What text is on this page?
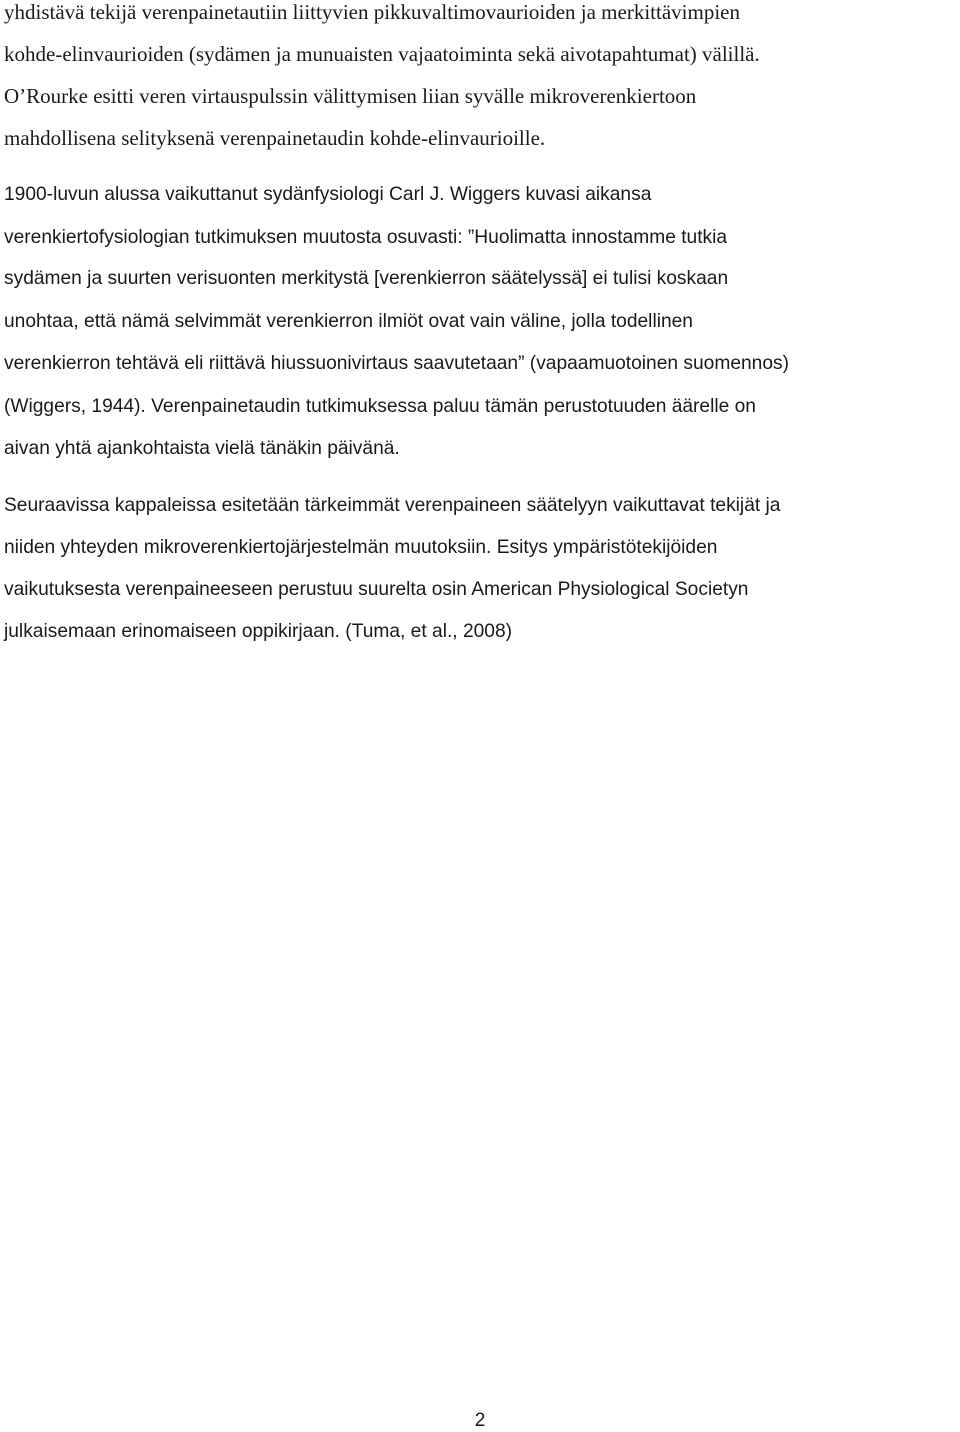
yhdistävä tekijä verenpainetautiin liittyvien pikkuvaltimovaurioiden ja merkittävimpien
kohde-elinvaurioiden (sydämen ja munuaisten vajaatoiminta sekä aivotapahtumat) välillä.
O’Rourke esitti veren virtauspulssin välittymisen liian syvälle mikroverenkiertoon
mahdollisena selityksenä verenpainetaudin kohde-elinvaurioille.
1900-luvun alussa vaikuttanut sydänfysiologi Carl J. Wiggers kuvasi aikansa
verenkiertofysiologian tutkimuksen muutosta osuvasti: ”Huolimatta innostamme tutkia
sydämen ja suurten verisuonten merkitystä [verenkierron säätelyssä] ei tulisi koskaan
unohtaa, että nämä selvimmät verenkierron ilmiöt ovat vain väline, jolla todellinen
verenkierron tehtävä eli riittävä hiussuonivirtaus saavutetaan” (vapaamuotoinen suomennos)
(Wiggers, 1944). Verenpainetaudin tutkimuksessa paluu tämän perustotuuden äärelle on
aivan yhtä ajankohtaista vielä tänäkin päivänä.
Seuraavissa kappaleissa esitetään tärkeimmät verenpaineen säätelyyn vaikuttavat tekijät ja
niiden yhteyden mikroverenkiertojärjestelmän muutoksiin. Esitys ympäristötekijöiden
vaikutuksesta verenpaineeseen perustuu suurelta osin American Physiological Societyn
julkaisemaan erinomaiseen oppikirjaan. (Tuma, et al., 2008)
2
